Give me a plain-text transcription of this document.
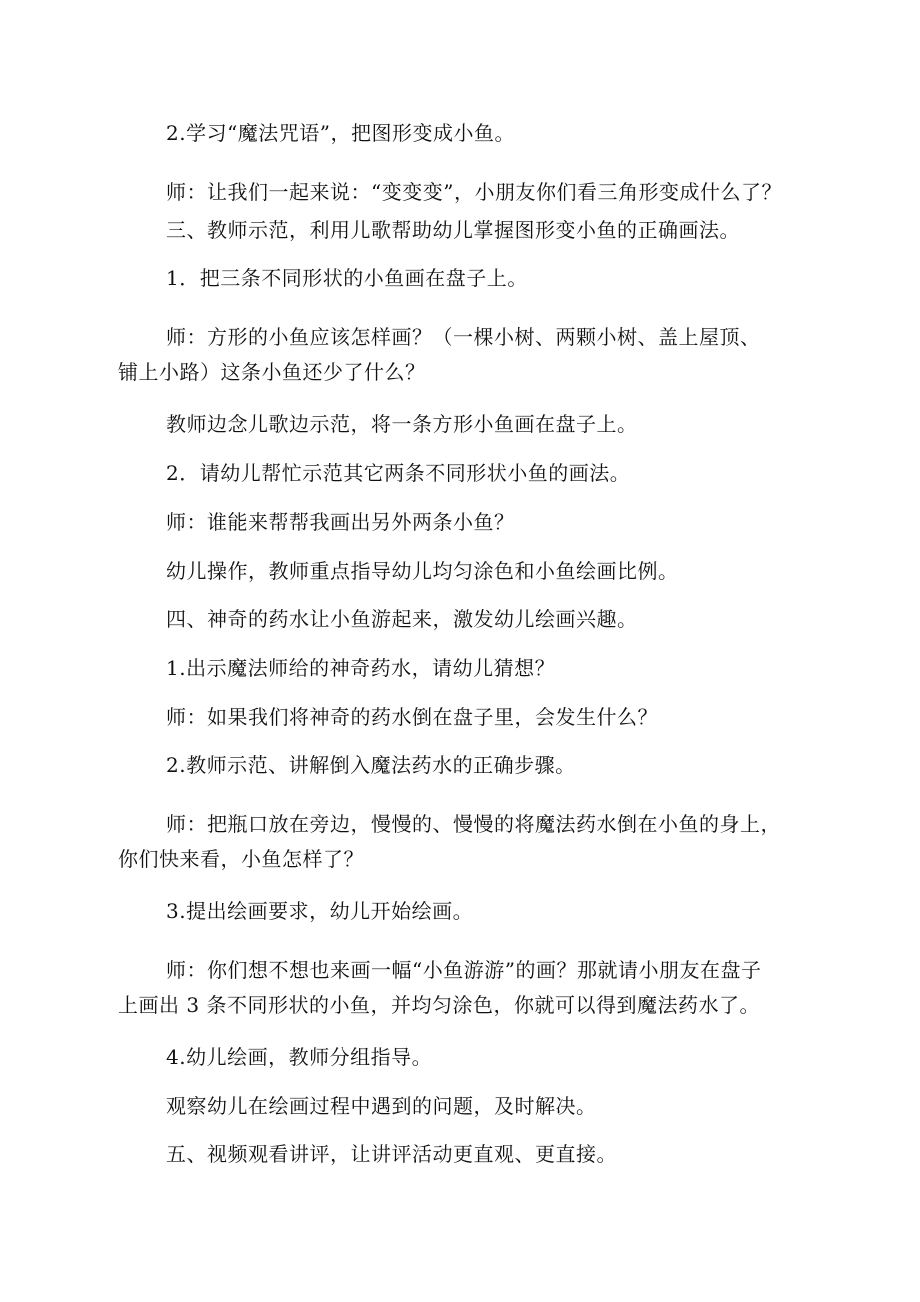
2.学习“魔法咒语”，把图形变成小鱼。
师：让我们一起来说：“变变变”，小朋友你们看三角形变成什么了？
三、教师示范，利用儿歌帮助幼儿掌握图形变小鱼的正确画法。
1．把三条不同形状的小鱼画在盘子上。
师：方形的小鱼应该怎样画？（一棵小树、两颗小树、盖上屋顶、
铺上小路）这条小鱼还少了什么？
教师边念儿歌边示范，将一条方形小鱼画在盘子上。
2．请幼儿帮忙示范其它两条不同形状小鱼的画法。
师：谁能来帮帮我画出另外两条小鱼？
幼儿操作，教师重点指导幼儿均匀涂色和小鱼绘画比例。
四、神奇的药水让小鱼游起来，激发幼儿绘画兴趣。
1.出示魔法师给的神奇药水，请幼儿猜想？
师：如果我们将神奇的药水倒在盘子里，会发生什么？
2.教师示范、讲解倒入魔法药水的正确步骤。
师：把瓶口放在旁边，慢慢的、慢慢的将魔法药水倒在小鱼的身上，
你们快来看，小鱼怎样了？
3.提出绘画要求，幼儿开始绘画。
师：你们想不想也来画一幅“小鱼游游”的画？那就请小朋友在盘子
上画出 3 条不同形状的小鱼，并均匀涂色，你就可以得到魔法药水了。
4.幼儿绘画，教师分组指导。
观察幼儿在绘画过程中遇到的问题，及时解决。
五、视频观看讲评，让讲评活动更直观、更直接。
